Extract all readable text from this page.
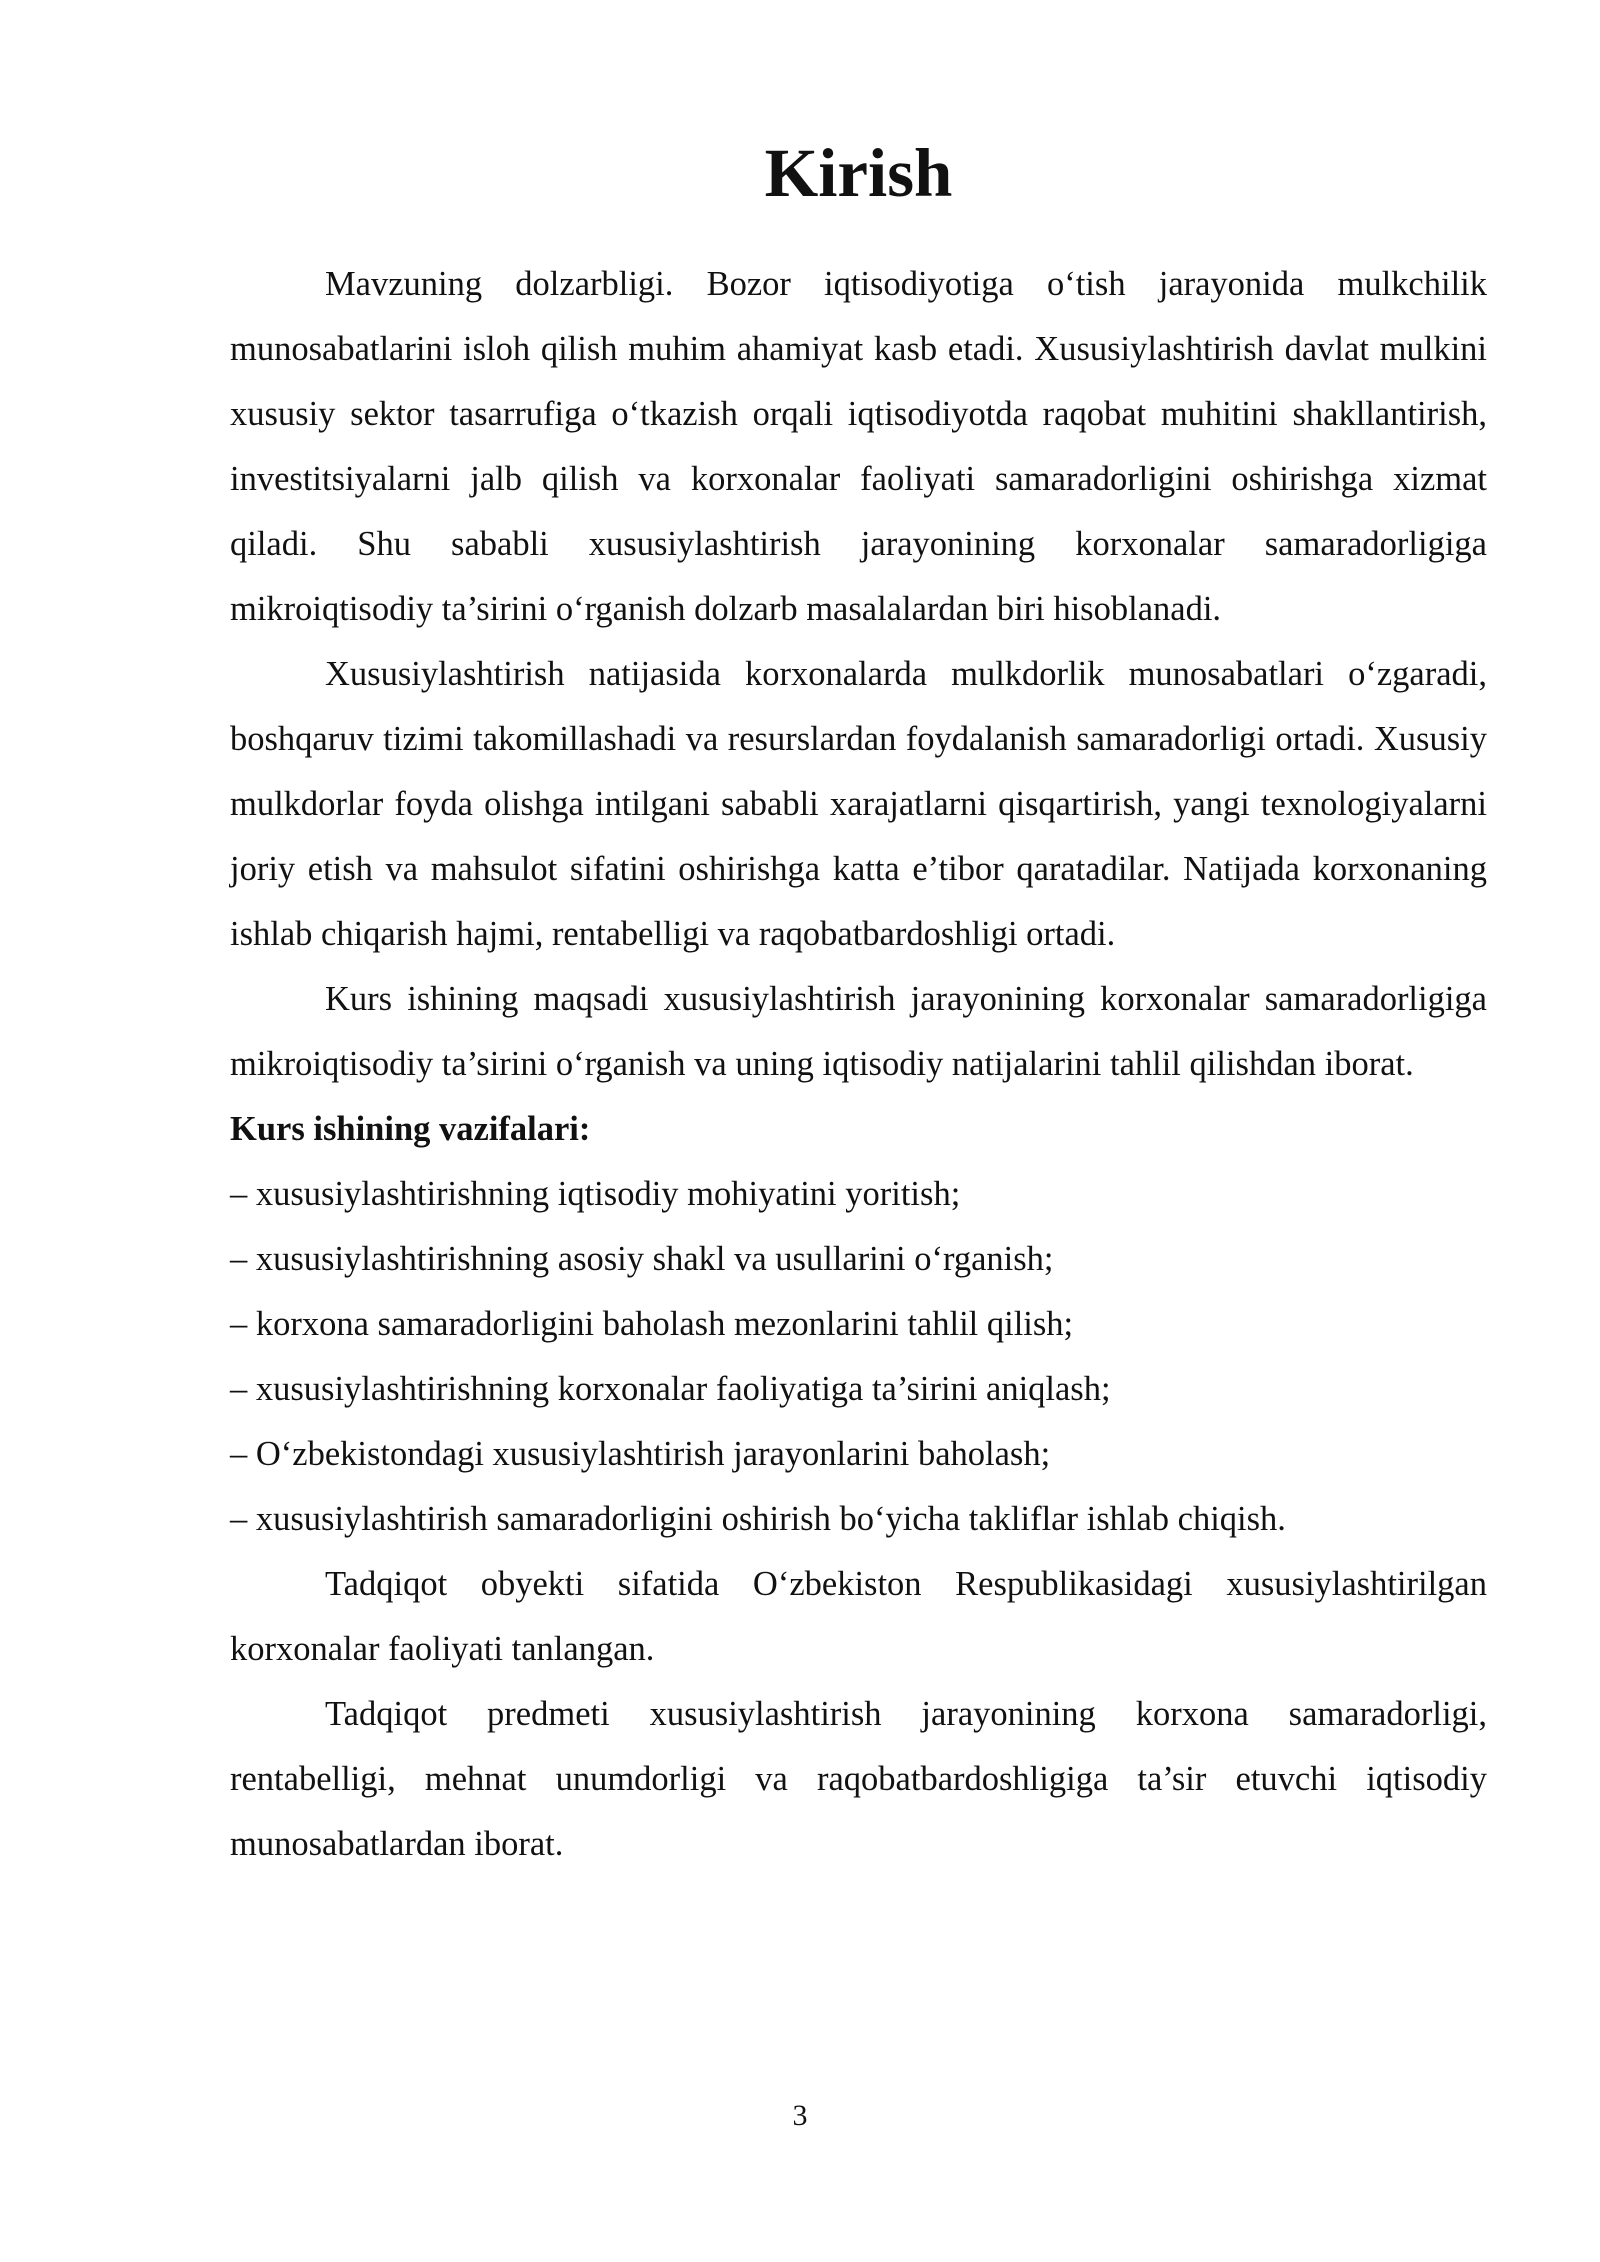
Kirish

Mavzuning dolzarbligi. Bozor iqtisodiyotiga o‘tish jarayonida mulkchilik munosabatlarini isloh qilish muhim ahamiyat kasb etadi. Xususiylashtirish davlat mulkini xususiy sektor tasarrufiga o‘tkazish orqali iqtisodiyotda raqobat muhitini shakllantirish, investitsiyalarni jalb qilish va korxonalar faoliyati samaradorligini oshirishga xizmat qiladi. Shu sababli xususiylashtirish jarayonining korxonalar samaradorligiga mikroiqtisodiy ta’sirini o‘rganish dolzarb masalalardan biri hisoblanadi.

Xususiylashtirish natijasida korxonalarda mulkdorlik munosabatlari o‘zgaradi, boshqaruv tizimi takomillashadi va resurslardan foydalanish samaradorligi ortadi. Xususiy mulkdorlar foyda olishga intilgani sababli xarajatlarni qisqartirish, yangi texnologiyalarni joriy etish va mahsulot sifatini oshirishga katta e’tibor qaratadilar. Natijada korxonaning ishlab chiqarish hajmi, rentabelligi va raqobatbardoshligi ortadi.

Kurs ishining maqsadi xususiylashtirish jarayonining korxonalar samaradorligiga mikroiqtisodiy ta’sirini o‘rganish va uning iqtisodiy natijalarini tahlil qilishdan iborat.

Kurs ishining vazifalari:

– xususiylashtirishning iqtisodiy mohiyatini yoritish;

– xususiylashtirishning asosiy shakl va usullarini o‘rganish;

– korxona samaradorligini baholash mezonlarini tahlil qilish;

– xususiylashtirishning korxonalar faoliyatiga ta’sirini aniqlash;

– O‘zbekistondagi xususiylashtirish jarayonlarini baholash;

– xususiylashtirish samaradorligini oshirish bo‘yicha takliflar ishlab chiqish.

Tadqiqot obyekti sifatida O‘zbekiston Respublikasidagi xususiylashtirilgan korxonalar faoliyati tanlangan.

Tadqiqot predmeti xususiylashtirish jarayonining korxona samaradorligi, rentabelligi, mehnat unumdorligi va raqobatbardoshligiga ta’sir etuvchi iqtisodiy munosabatlardan iborat.

3
